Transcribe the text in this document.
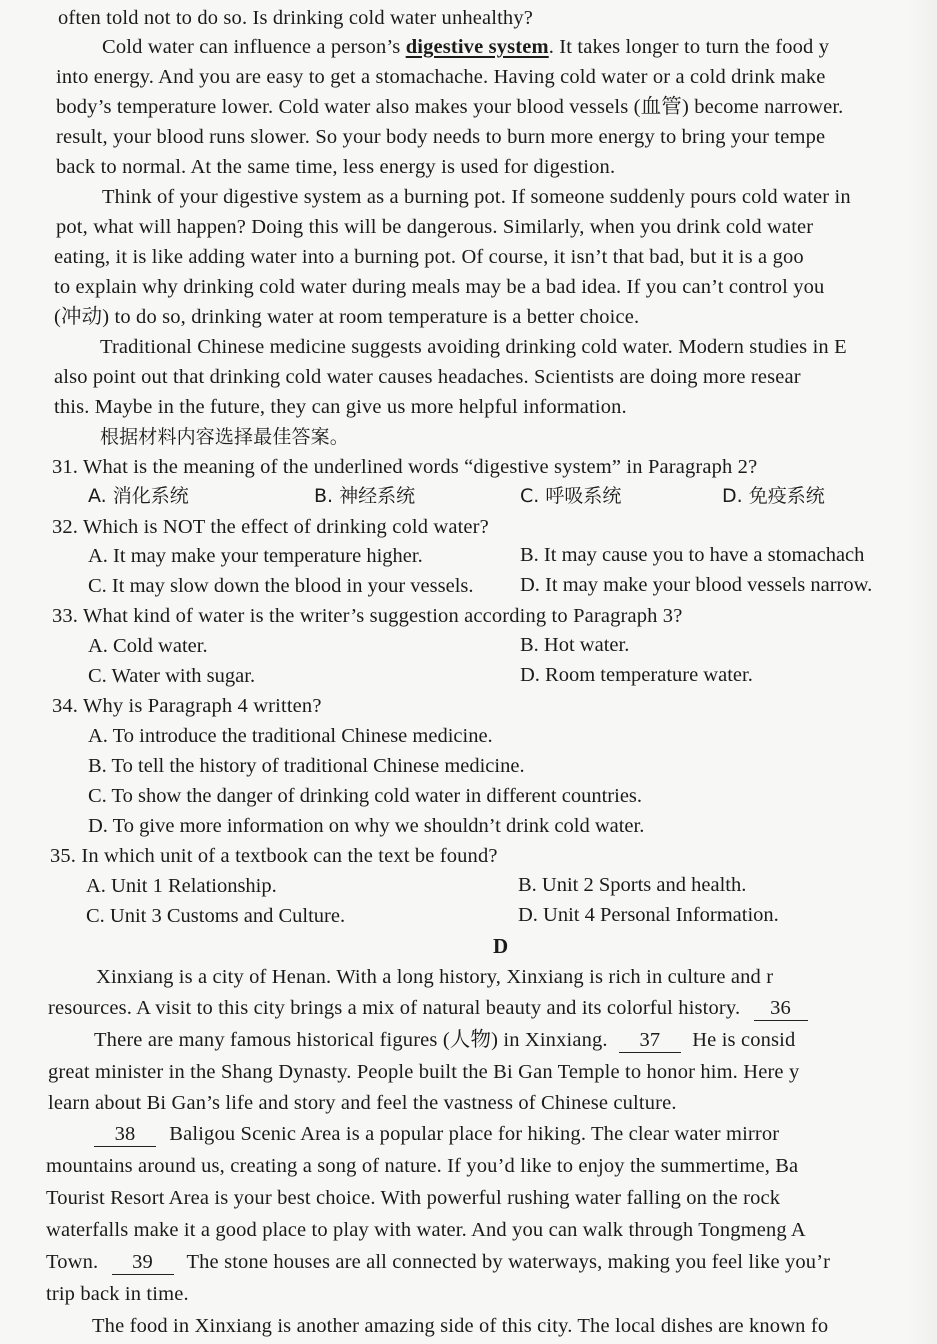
often told not to do so. Is drinking cold water unhealthy?
Cold water can influence a person’s digestive system. It takes longer to turn the food y
into energy. And you are easy to get a stomachache. Having cold water or a cold drink make
body’s temperature lower. Cold water also makes your blood vessels (血管) become narrower.
result, your blood runs slower. So your body needs to burn more energy to bring your tempe
back to normal. At the same time, less energy is used for digestion.
Think of your digestive system as a burning pot. If someone suddenly pours cold water in
pot, what will happen? Doing this will be dangerous. Similarly, when you drink cold water
eating, it is like adding water into a burning pot. Of course, it isn’t that bad, but it is a goo
to explain why drinking cold water during meals may be a bad idea. If you can’t control you
(冲动) to do so, drinking water at room temperature is a better choice.
Traditional Chinese medicine suggests avoiding drinking cold water. Modern studies in E
also point out that drinking cold water causes headaches. Scientists are doing more resear
this. Maybe in the future, they can give us more helpful information.
根据材料内容选择最佳答案。
31. What is the meaning of the underlined words “digestive system” in Paragraph 2?
A. 消化系统	B. 神经系统	C. 呼吸系统	D. 免疫系统
32. Which is NOT the effect of drinking cold water?
A. It may make your temperature higher.	B. It may cause you to have a stomachach
C. It may slow down the blood in your vessels. D. It may make your blood vessels narrow.
33. What kind of water is the writer’s suggestion according to Paragraph 3?
A. Cold water.	B. Hot water.
C. Water with sugar.	D. Room temperature water.
34. Why is Paragraph 4 written?
A. To introduce the traditional Chinese medicine.
B. To tell the history of traditional Chinese medicine.
C. To show the danger of drinking cold water in different countries.
D. To give more information on why we shouldn’t drink cold water.
35. In which unit of a textbook can the text be found?
A. Unit 1 Relationship.	B. Unit 2 Sports and health.
C. Unit 3 Customs and Culture.	D. Unit 4 Personal Information.
D
Xinxiang is a city of Henan. With a long history, Xinxiang is rich in culture and r
resources. A visit to this city brings a mix of natural beauty and its colorful history. 36
There are many famous historical figures (人物) in Xinxiang. 37 He is consid
great minister in the Shang Dynasty. People built the Bi Gan Temple to honor him. Here y
learn about Bi Gan’s life and story and feel the vastness of Chinese culture.
38 Baligou Scenic Area is a popular place for hiking. The clear water mirror
mountains around us, creating a song of nature. If you’d like to enjoy the summertime, Ba
Tourist Resort Area is your best choice. With powerful rushing water falling on the rock
waterfalls make it a good place to play with water. And you can walk through Tongmeng A
Town. 39 The stone houses are all connected by waterways, making you feel like you’r
trip back in time.
The food in Xinxiang is another amazing side of this city. The local dishes are known fo
